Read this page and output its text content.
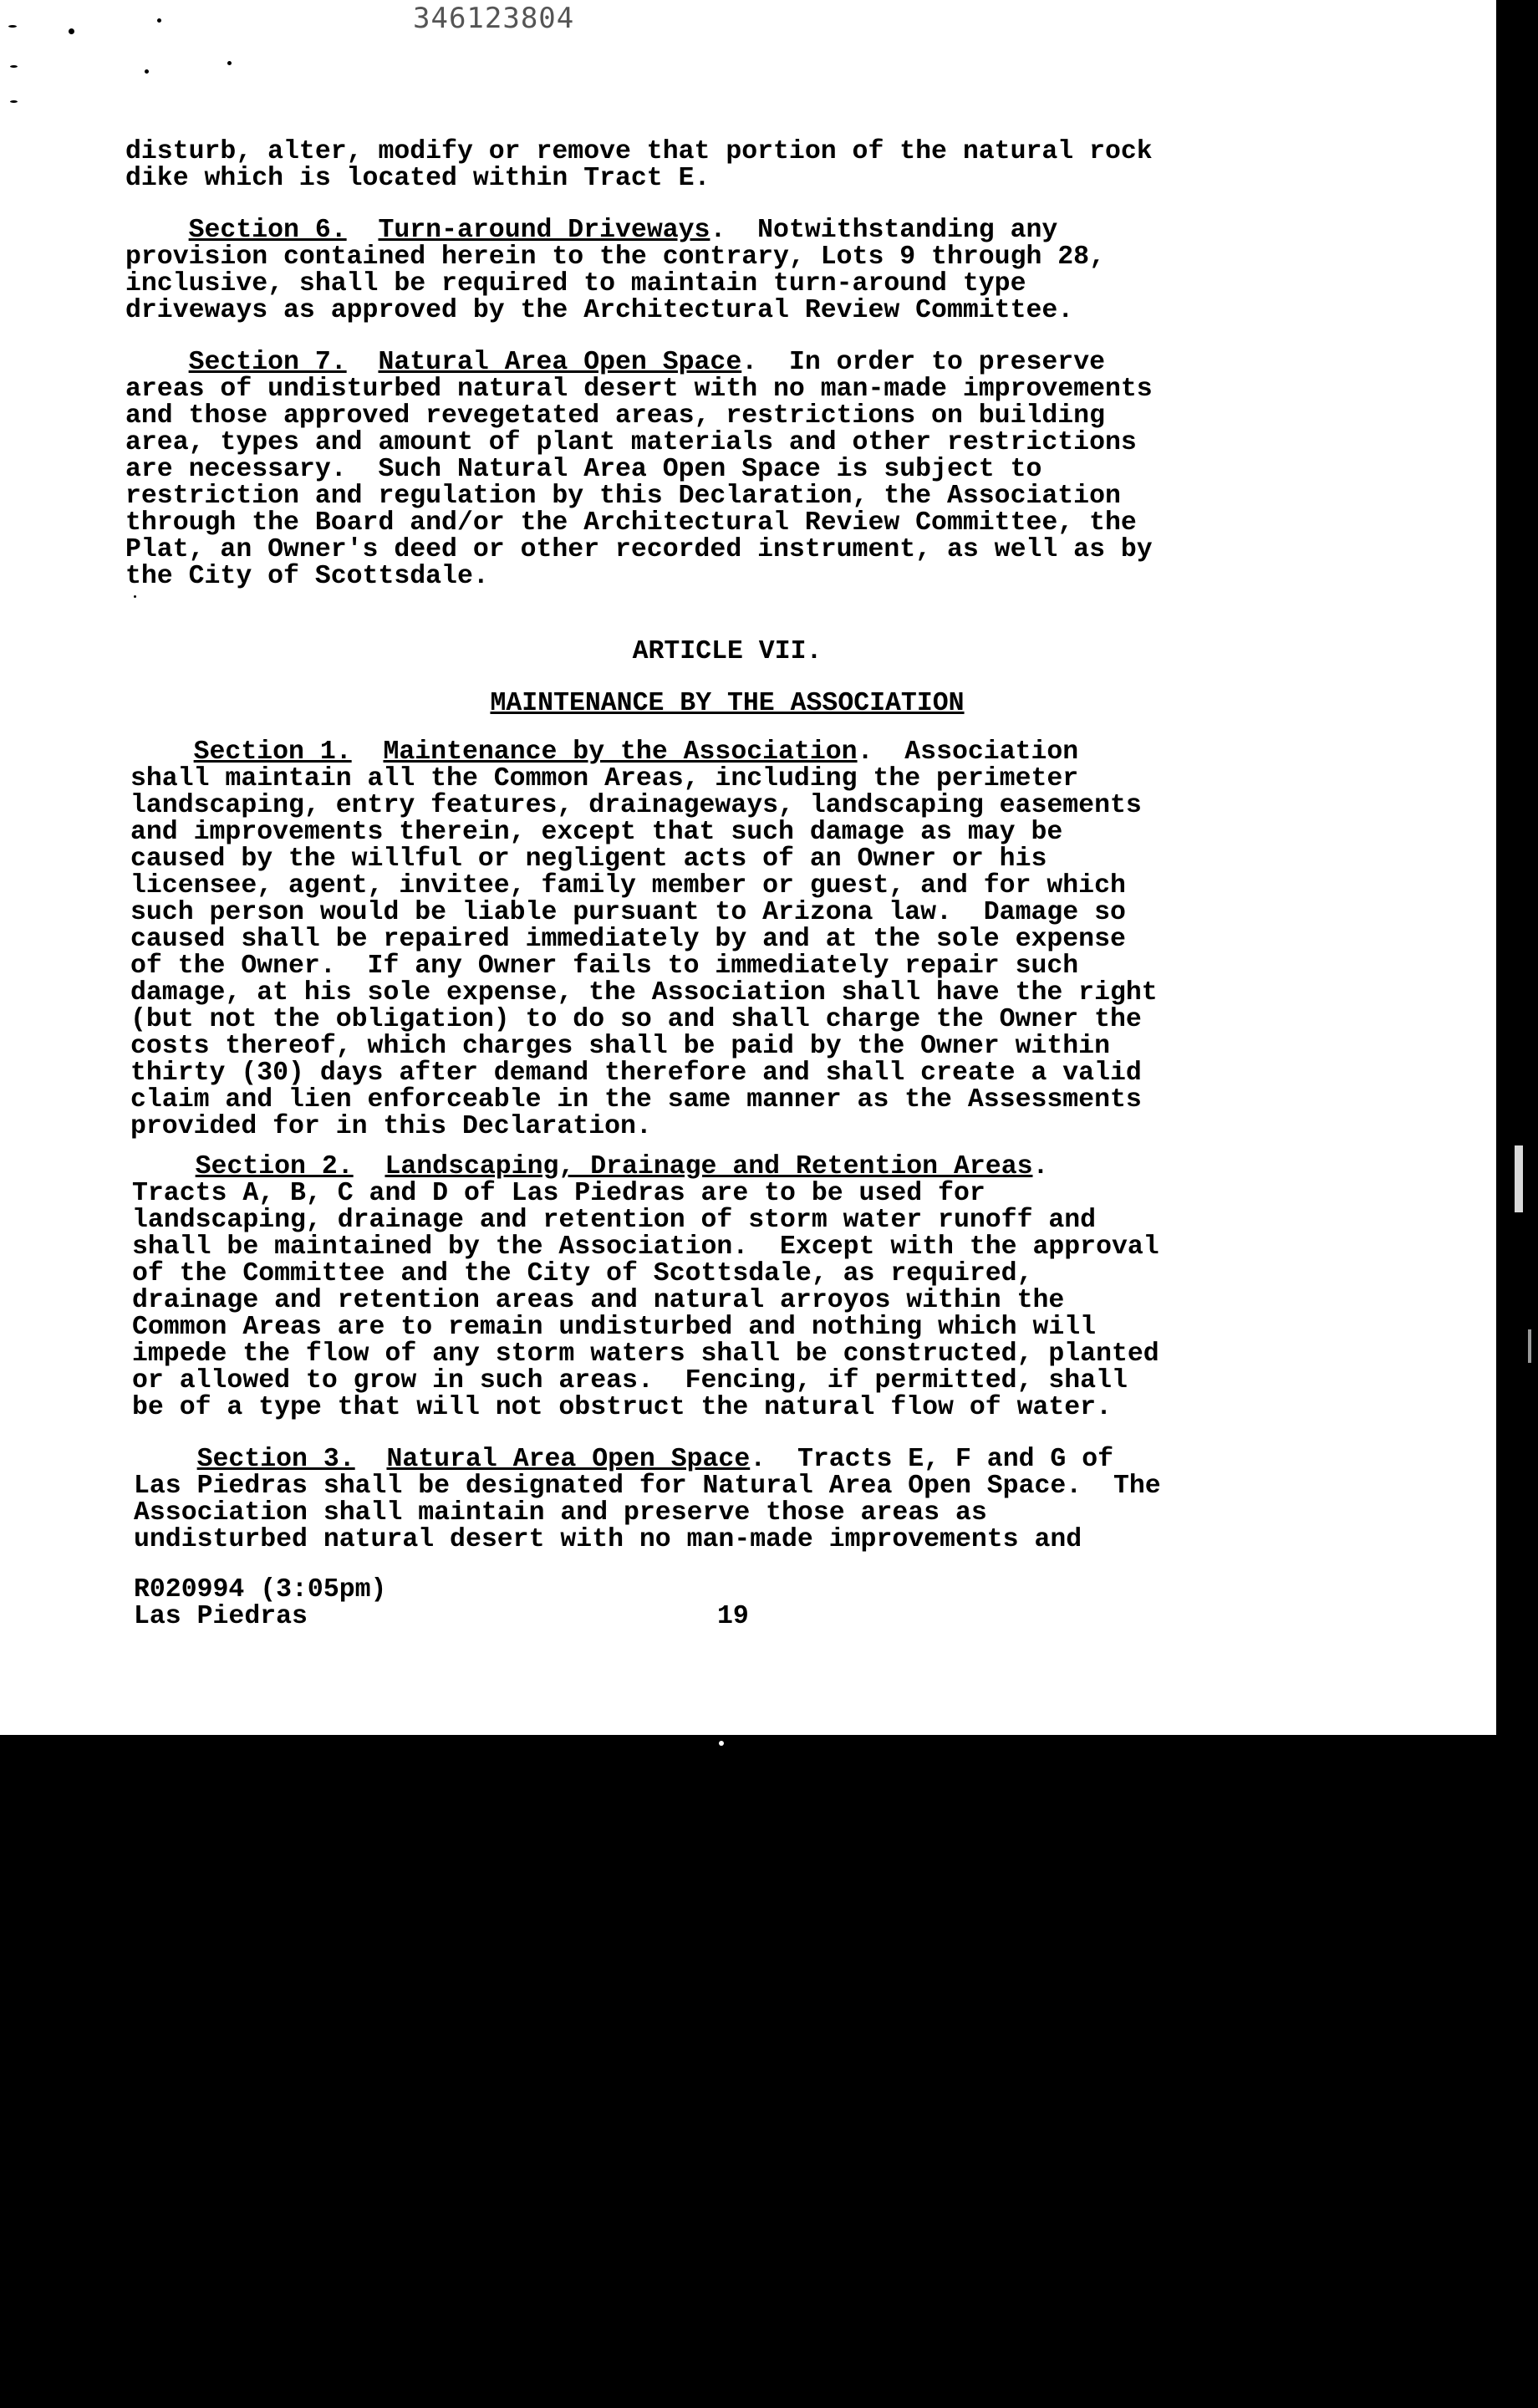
346123804
disturb, alter, modify or remove that portion of the natural rock
dike which is located within Tract E.
Section 6. Turn-around Driveways.  Notwithstanding any
provision contained herein to the contrary, Lots 9 through 28,
inclusive, shall be required to maintain turn-around type
driveways as approved by the Architectural Review Committee.
Section 7. Natural Area Open Space.  In order to preserve
areas of undisturbed natural desert with no man-made improvements
and those approved revegetated areas, restrictions on building
area, types and amount of plant materials and other restrictions
are necessary.  Such Natural Area Open Space is subject to
restriction and regulation by this Declaration, the Association
through the Board and/or the Architectural Review Committee, the
Plat, an Owner's deed or other recorded instrument, as well as by
the City of Scottsdale.
ARTICLE VII.
MAINTENANCE BY THE ASSOCIATION
Section 1. Maintenance by the Association.  Association
shall maintain all the Common Areas, including the perimeter
landscaping, entry features, drainageways, landscaping easements
and improvements therein, except that such damage as may be
caused by the willful or negligent acts of an Owner or his
licensee, agent, invitee, family member or guest, and for which
such person would be liable pursuant to Arizona law.  Damage so
caused shall be repaired immediately by and at the sole expense
of the Owner.  If any Owner fails to immediately repair such
damage, at his sole expense, the Association shall have the right
(but not the obligation) to do so and shall charge the Owner the
costs thereof, which charges shall be paid by the Owner within
thirty (30) days after demand therefore and shall create a valid
claim and lien enforceable in the same manner as the Assessments
provided for in this Declaration.
Section 2. Landscaping, Drainage and Retention Areas.
Tracts A, B, C and D of Las Piedras are to be used for
landscaping, drainage and retention of storm water runoff and
shall be maintained by the Association.  Except with the approval
of the Committee and the City of Scottsdale, as required,
drainage and retention areas and natural arroyos within the
Common Areas are to remain undisturbed and nothing which will
impede the flow of any storm waters shall be constructed, planted
or allowed to grow in such areas.  Fencing, if permitted, shall
be of a type that will not obstruct the natural flow of water.
Section 3. Natural Area Open Space.  Tracts E, F and G of
Las Piedras shall be designated for Natural Area Open Space.  The
Association shall maintain and preserve those areas as
undisturbed natural desert with no man-made improvements and
R020994 (3:05pm)
Las Piedras	19
